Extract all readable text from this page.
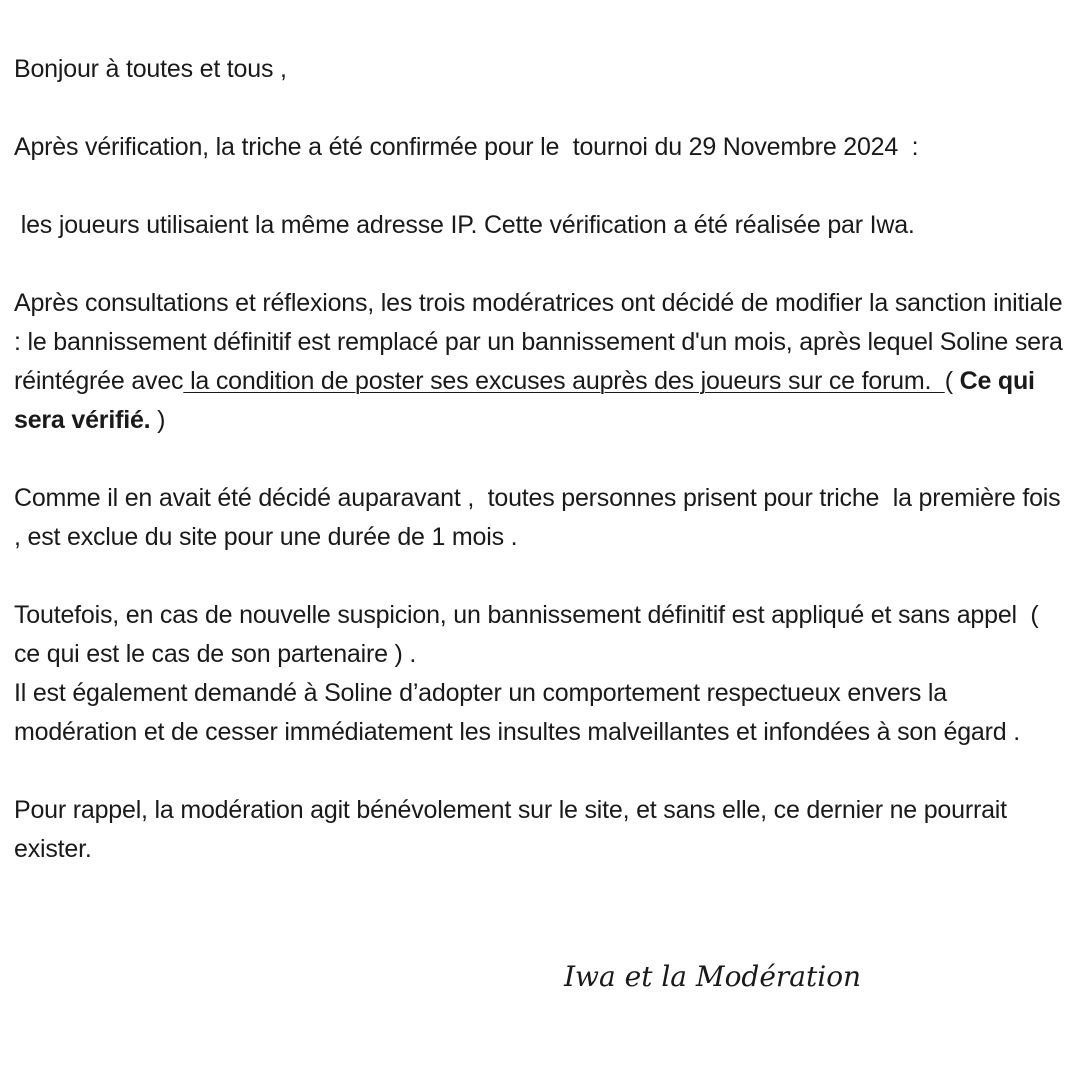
Bonjour à toutes et tous ,

Après vérification, la triche a été confirmée pour le  tournoi du 29 Novembre 2024  :

les joueurs utilisaient la même adresse IP. Cette vérification a été réalisée par Iwa.

Après consultations et réflexions, les trois modératrices ont décidé de modifier la sanction initiale : le bannissement définitif est remplacé par un bannissement d'un mois, après lequel Soline sera réintégrée avec la condition de poster ses excuses auprès des joueurs sur ce forum.  ( Ce qui sera vérifié. )

Comme il en avait été décidé auparavant ,  toutes personnes prisent pour triche  la première fois , est exclue du site pour une durée de 1 mois .

Toutefois, en cas de nouvelle suspicion, un bannissement définitif est appliqué et sans appel  ( ce qui est le cas de son partenaire ) .

Il est également demandé à Soline d’adopter un comportement respectueux envers la modération et de cesser immédiatement les insultes malveillantes et infondées à son égard .

Pour rappel, la modération agit bénévolement sur le site, et sans elle, ce dernier ne pourrait exister.

Iwa et la Modération
